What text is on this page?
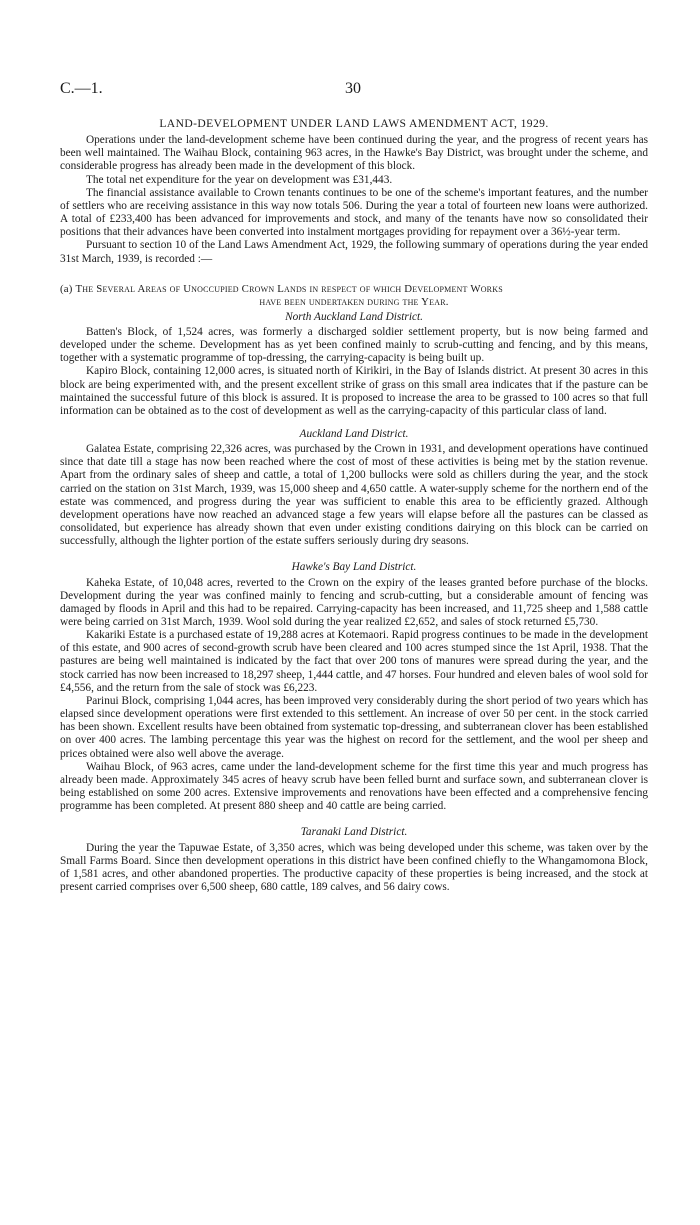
C.—1.	30
LAND-DEVELOPMENT UNDER LAND LAWS AMENDMENT ACT, 1929.

Operations under the land-development scheme have been continued during the year, and the progress of recent years has been well maintained. The Waihau Block, containing 963 acres, in the Hawke's Bay District, was brought under the scheme, and considerable progress has already been made in the development of this block.

The total net expenditure for the year on development was £31,443.

The financial assistance available to Crown tenants continues to be one of the scheme's important features, and the number of settlers who are receiving assistance in this way now totals 506. During the year a total of fourteen new loans were authorized. A total of £233,400 has been advanced for improvements and stock, and many of the tenants have now so consolidated their positions that their advances have been converted into instalment mortgages providing for repayment over a 36½-year term.

Pursuant to section 10 of the Land Laws Amendment Act, 1929, the following summary of operations during the year ended 31st March, 1939, is recorded :—

(a) The Several Areas of Unoccupied Crown Lands in respect of which Development Works
have been undertaken during the Year.
North Auckland Land District.

Batten's Block, of 1,524 acres, was formerly a discharged soldier settlement property, but is now being farmed and developed under the scheme. Development has as yet been confined mainly to scrub-cutting and fencing, and by this means, together with a systematic programme of top-dressing, the carrying-capacity is being built up.

Kapiro Block, containing 12,000 acres, is situated north of Kirikiri, in the Bay of Islands district. At present 30 acres in this block are being experimented with, and the present excellent strike of grass on this small area indicates that if the pasture can be maintained the successful future of this block is assured. It is proposed to increase the area to be grassed to 100 acres so that full information can be obtained as to the cost of development as well as the carrying-capacity of this particular class of land.

Auckland Land District.

Galatea Estate, comprising 22,326 acres, was purchased by the Crown in 1931, and development operations have continued since that date till a stage has now been reached where the cost of most of these activities is being met by the station revenue. Apart from the ordinary sales of sheep and cattle, a total of 1,200 bullocks were sold as chillers during the year, and the stock carried on the station on 31st March, 1939, was 15,000 sheep and 4,650 cattle. A water-supply scheme for the northern end of the estate was commenced, and progress during the year was sufficient to enable this area to be efficiently grazed. Although development operations have now reached an advanced stage a few years will elapse before all the pastures can be classed as consolidated, but experience has already shown that even under existing conditions dairying on this block can be carried on successfully, although the lighter portion of the estate suffers seriously during dry seasons.

Hawke's Bay Land District.

Kaheka Estate, of 10,048 acres, reverted to the Crown on the expiry of the leases granted before purchase of the blocks. Development during the year was confined mainly to fencing and scrub-cutting, but a considerable amount of fencing was damaged by floods in April and this had to be repaired. Carrying-capacity has been increased, and 11,725 sheep and 1,588 cattle were being carried on 31st March, 1939. Wool sold during the year realized £2,652, and sales of stock returned £5,730.

Kakariki Estate is a purchased estate of 19,288 acres at Kotemaori. Rapid progress continues to be made in the development of this estate, and 900 acres of second-growth scrub have been cleared and 100 acres stumped since the 1st April, 1938. That the pastures are being well maintained is indicated by the fact that over 200 tons of manures were spread during the year, and the stock carried has now been increased to 18,297 sheep, 1,444 cattle, and 47 horses. Four hundred and eleven bales of wool sold for £4,556, and the return from the sale of stock was £6,223.

Parinui Block, comprising 1,044 acres, has been improved very considerably during the short period of two years which has elapsed since development operations were first extended to this settlement. An increase of over 50 per cent. in the stock carried has been shown. Excellent results have been obtained from systematic top-dressing, and subterranean clover has been established on over 400 acres. The lambing percentage this year was the highest on record for the settlement, and the wool per sheep and prices obtained were also well above the average.

Waihau Block, of 963 acres, came under the land-development scheme for the first time this year and much progress has already been made. Approximately 345 acres of heavy scrub have been felled burnt and surface sown, and subterranean clover is being established on some 200 acres. Extensive improvements and renovations have been effected and a comprehensive fencing programme has been completed. At present 880 sheep and 40 cattle are being carried.

Taranaki Land District.

During the year the Tapuwae Estate, of 3,350 acres, which was being developed under this scheme, was taken over by the Small Farms Board. Since then development operations in this district have been confined chiefly to the Whangamomona Block, of 1,581 acres, and other abandoned properties. The productive capacity of these properties is being increased, and the stock at present carried comprises over 6,500 sheep, 680 cattle, 189 calves, and 56 dairy cows.
